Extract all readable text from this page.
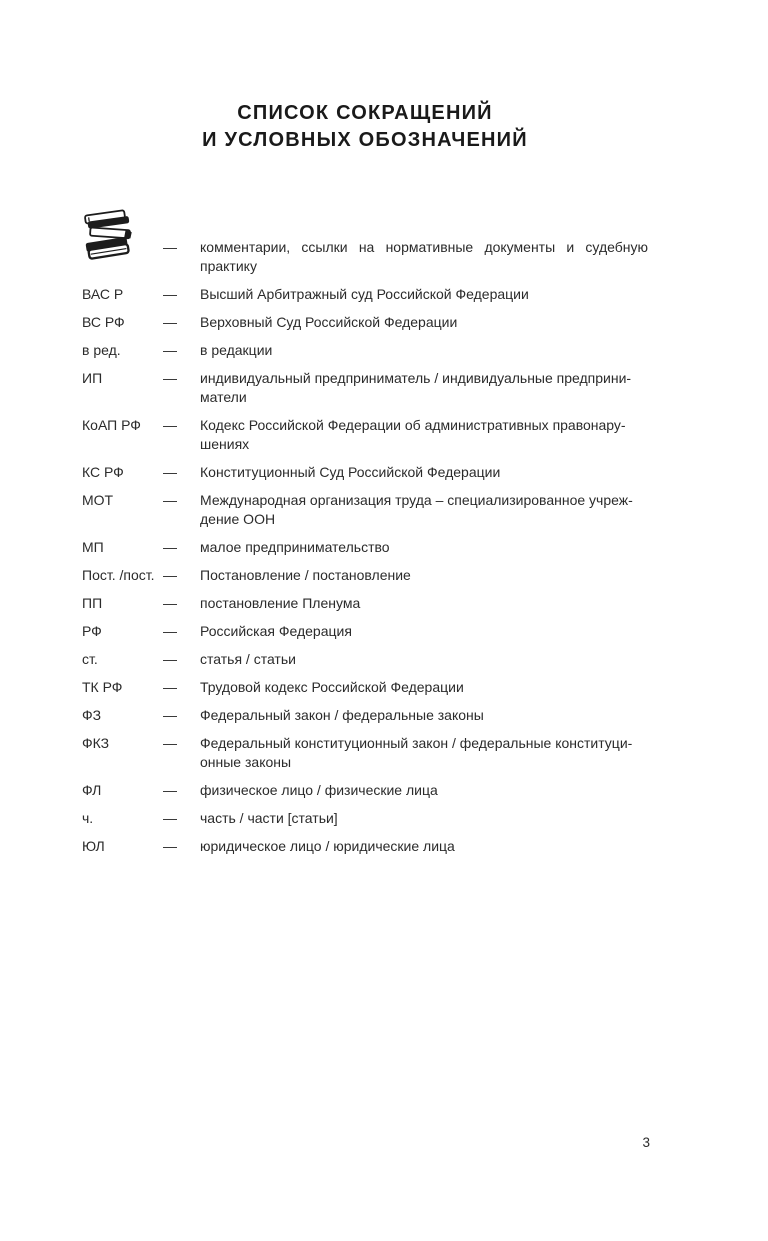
СПИСОК СОКРАЩЕНИЙ
И УСЛОВНЫХ ОБОЗНАЧЕНИЙ
—	комментарии, ссылки на нормативные документы и судебную
практику
ВАС Р	—	Высший Арбитражный суд Российской Федерации
ВС РФ	—	Верховный Суд Российской Федерации
в ред.	—	в редакции
ИП	—	индивидуальный предприниматель / индивидуальные предприни-
матели
КоАП РФ	—	Кодекс Российской Федерации об административных правонару-
шениях
КС РФ	—	Конституционный Суд Российской Федерации
МОТ	—	Международная организация труда – специализированное учреж-
дение ООН
МП	—	малое предпринимательство
Пост. /пост. —	Постановление / постановление
ПП	—	постановление Пленума
РФ	—	Российская Федерация
ст.	—	статья / статьи
ТК РФ	—	Трудовой кодекс Российской Федерации
ФЗ	—	Федеральный закон / федеральные законы
ФКЗ	—	Федеральный конституционный закон / федеральные конституци-
онные законы
ФЛ	—	физическое лицо / физические лица
ч.	—	часть / части [статьи]
ЮЛ	—	юридическое лицо / юридические лица
3
